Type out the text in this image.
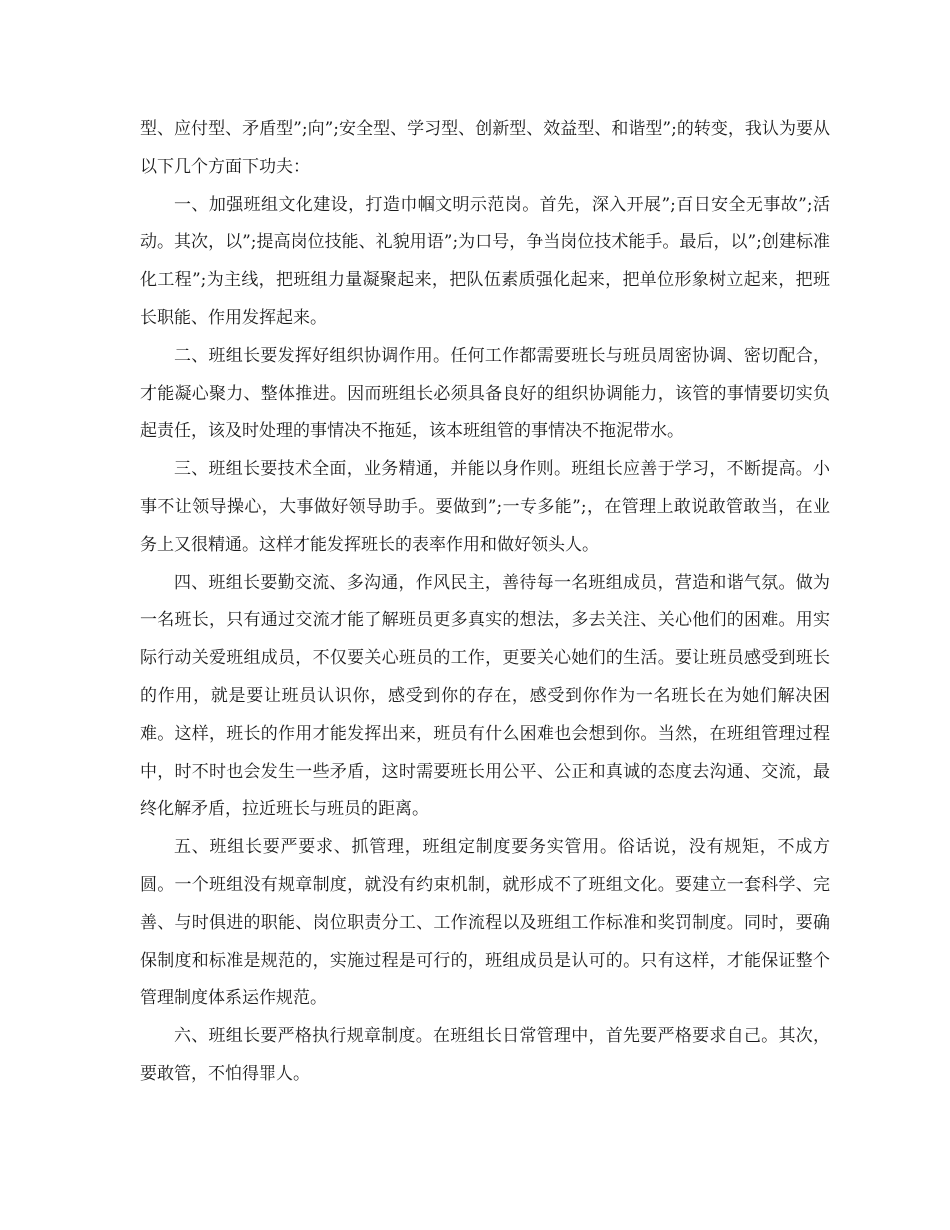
型、应付型、矛盾型”;向”;安全型、学习型、创新型、效益型、和谐型”;的转变，我认为要从以下几个方面下功夫：

一、加强班组文化建设，打造巾帼文明示范岗。首先，深入开展”;百日安全无事故”;活动。其次，以”;提高岗位技能、礼貌用语”;为口号，争当岗位技术能手。最后，以”;创建标准化工程”;为主线，把班组力量凝聚起来，把队伍素质强化起来，把单位形象树立起来，把班长职能、作用发挥起来。

二、班组长要发挥好组织协调作用。任何工作都需要班长与班员周密协调、密切配合，才能凝心聚力、整体推进。因而班组长必须具备良好的组织协调能力，该管的事情要切实负起责任，该及时处理的事情决不拖延，该本班组管的事情决不拖泥带水。

三、班组长要技术全面，业务精通，并能以身作则。班组长应善于学习，不断提高。小事不让领导操心，大事做好领导助手。要做到”;一专多能”;，在管理上敢说敢管敢当，在业务上又很精通。这样才能发挥班长的表率作用和做好领头人。

四、班组长要勤交流、多沟通，作风民主，善待每一名班组成员，营造和谐气氛。做为一名班长，只有通过交流才能了解班员更多真实的想法，多去关注、关心他们的困难。用实际行动关爱班组成员，不仅要关心班员的工作，更要关心她们的生活。要让班员感受到班长的作用，就是要让班员认识你，感受到你的存在，感受到你作为一名班长在为她们解决困难。这样，班长的作用才能发挥出来，班员有什么困难也会想到你。当然，在班组管理过程中，时不时也会发生一些矛盾，这时需要班长用公平、公正和真诚的态度去沟通、交流，最终化解矛盾，拉近班长与班员的距离。

五、班组长要严要求、抓管理，班组定制度要务实管用。俗话说，没有规矩，不成方圆。一个班组没有规章制度，就没有约束机制，就形成不了班组文化。要建立一套科学、完善、与时俱进的职能、岗位职责分工、工作流程以及班组工作标准和奖罚制度。同时，要确保制度和标准是规范的，实施过程是可行的，班组成员是认可的。只有这样，才能保证整个管理制度体系运作规范。

六、班组长要严格执行规章制度。在班组长日常管理中，首先要严格要求自己。其次，要敢管，不怕得罪人。
